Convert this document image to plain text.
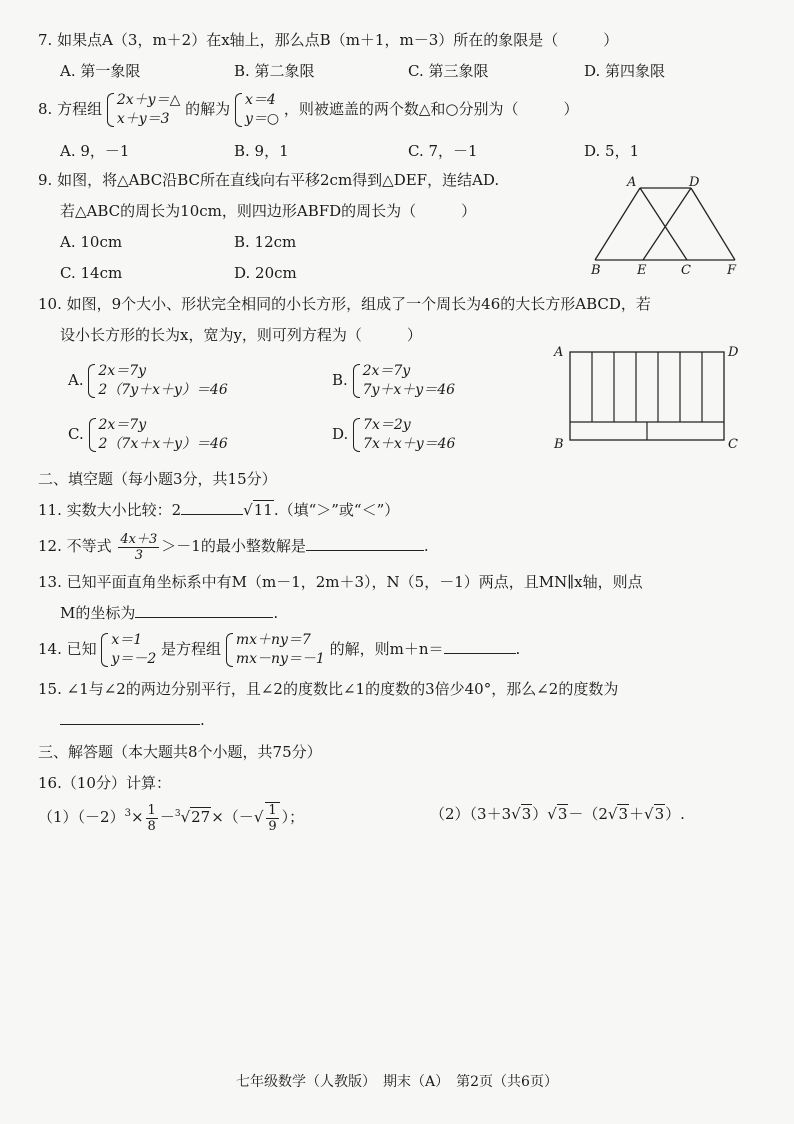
7. 如果点A（3，m＋2）在x轴上，那么点B（m＋1，m－3）所在的象限是（　　　）
A. 第一象限	B. 第二象限	C. 第三象限	D. 第四象限
8. 方程组 2x＋y＝△
x＋y＝3 的解为 x＝4
y＝○ ，则被遮盖的两个数△和○分别为（　　　）
A. 9，－1	B. 9，1	C. 7，－1	D. 5，1
9. 如图，将△ABC沿BC所在直线向右平移2cm得到△DEF，连结AD.
若△ABC的周长为10cm，则四边形ABFD的周长为（　　　）
A. 10cm	B. 12cm
C. 14cm	D. 20cm
A	D
B	E	C	F
10. 如图，9个大小、形状完全相同的小长方形，组成了一个周长为46的大长方形ABCD，若
设小长方形的长为x，宽为y，则可列方程为（　　　）
A. 2x＝7y
2（7y＋x＋y）＝46
B. 2x＝7y
7y＋x＋y＝46
C. 2x＝7y
2（7x＋x＋y）＝46
D. 7x＝2y
7x＋x＋y＝46
A	D
B	C
二、填空题（每小题3分，共15分）
11. 实数大小比较：2	√11.（填“＞”或“＜”）
12. 不等式 $\frac{4x+3}{3} >-1$的最小整数解是	.
13. 已知平面直角坐标系中有M（m－1，2m＋3），N（5，－1）两点，且MN∥x轴，则点
M的坐标为	.
14. 已知 x＝1
y＝－2 是方程组 mx＋ny＝7
mx－ny＝－1 的解，则m＋n＝	.
15. ∠1与∠2的两边分别平行，且∠2的度数比∠1的度数的3倍少40°，那么∠2的度数为
.
三、解答题（本大题共8个小题，共75分）
16.（10分）计算：
$(1)(-2)^3\times \frac{1}{8} -^3√27\times(-√ \frac{1}{9}$ ）；	（2）（3＋3√3）√3－（2√3＋√3）.
七年级数学（人教版）　期末（A）　第2页（共6页）
